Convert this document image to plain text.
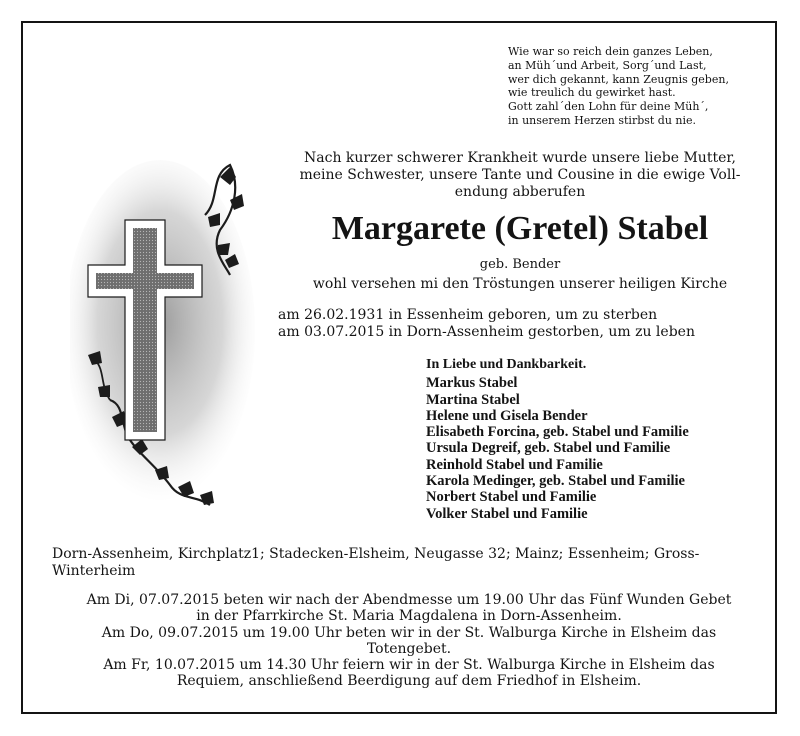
Wie war so reich dein ganzes Leben,
an Müh´und Arbeit, Sorg´und Last,
wer dich gekannt, kann Zeugnis geben,
wie treulich du gewirket hast.
Gott zahl´den Lohn für deine Müh´,
in unserem Herzen stirbst du nie.
Nach kurzer schwerer Krankheit wurde unsere liebe Mutter,
meine Schwester, unsere Tante und Cousine in die ewige Voll-
endung abberufen
Margarete (Gretel) Stabel
geb. Bender
wohl versehen mi den Tröstungen unserer heiligen Kirche
am 26.02.1931 in Essenheim geboren, um zu sterben
am 03.07.2015 in Dorn-Assenheim gestorben, um zu leben
In Liebe und Dankbarkeit.
Markus Stabel
Martina Stabel
Helene und Gisela Bender
Elisabeth Forcina, geb. Stabel und Familie
Ursula Degreif, geb. Stabel und Familie
Reinhold Stabel und Familie
Karola Medinger, geb. Stabel und Familie
Norbert Stabel und Familie
Volker Stabel und Familie
Dorn-Assenheim, Kirchplatz1; Stadecken-Elsheim, Neugasse 32; Mainz; Essenheim; Gross-Winterheim
Am Di, 07.07.2015 beten wir nach der Abendmesse um 19.00 Uhr das Fünf Wunden Gebet
in der Pfarrkirche St. Maria Magdalena in Dorn-Assenheim.
Am Do, 09.07.2015 um 19.00 Uhr beten wir in der St. Walburga Kirche in Elsheim das
Totengebet.
Am Fr, 10.07.2015 um 14.30 Uhr feiern wir in der St. Walburga Kirche in Elsheim das
Requiem, anschließend Beerdigung auf dem Friedhof in Elsheim.
